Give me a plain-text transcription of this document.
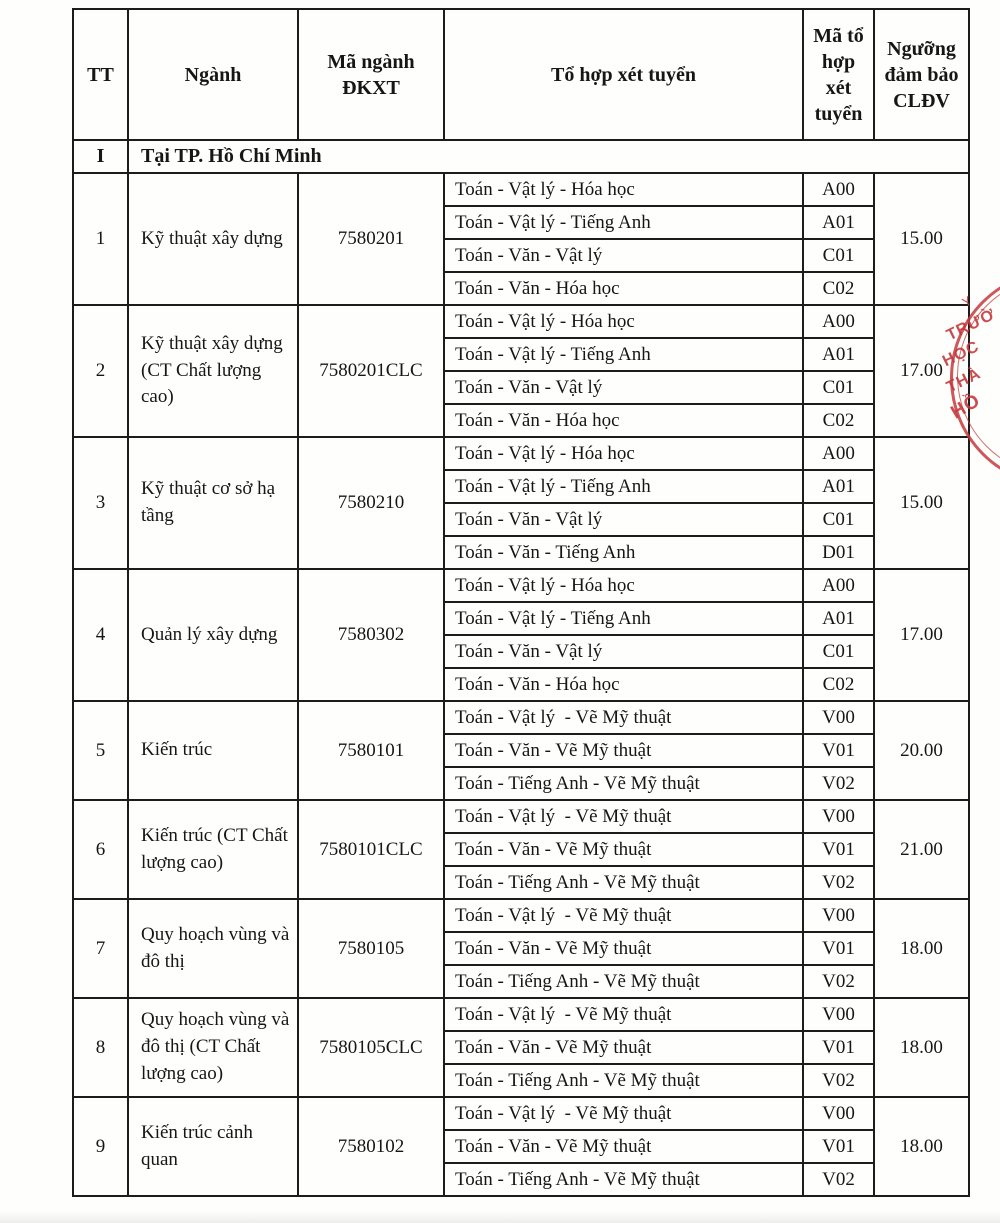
TT	Ngành	Mã ngành ĐKXT	Tổ hợp xét tuyển	Mã tổ hợp xét tuyển	Ngưỡng đảm bảo CLĐV
I	Tại TP. Hồ Chí Minh				
1	Kỹ thuật xây dựng	7580201	Toán - Vật lý - Hóa học	A00	15.00
			Toán - Vật lý - Tiếng Anh	A01	
			Toán - Văn - Vật lý	C01	
			Toán - Văn - Hóa học	C02	
2	Kỹ thuật xây dựng (CT Chất lượng cao)	7580201CLC	Toán - Vật lý - Hóa học	A00	17.00
			Toán - Vật lý - Tiếng Anh	A01	
			Toán - Văn - Vật lý	C01	
			Toán - Văn - Hóa học	C02	
3	Kỹ thuật cơ sở hạ tầng	7580210	Toán - Vật lý - Hóa học	A00	15.00
			Toán - Vật lý - Tiếng Anh	A01	
			Toán - Văn - Vật lý	C01	
			Toán - Văn - Tiếng Anh	D01	
4	Quản lý xây dựng	7580302	Toán - Vật lý - Hóa học	A00	17.00
			Toán - Vật lý - Tiếng Anh	A01	
			Toán - Văn - Vật lý	C01	
			Toán - Văn - Hóa học	C02	
5	Kiến trúc	7580101	Toán - Vật lý  - Vẽ Mỹ thuật	V00	20.00
			Toán - Văn - Vẽ Mỹ thuật	V01	
			Toán - Tiếng Anh - Vẽ Mỹ thuật	V02	
6	Kiến trúc (CT Chất lượng cao)	7580101CLC	Toán - Vật lý  - Vẽ Mỹ thuật	V00	21.00
			Toán - Văn - Vẽ Mỹ thuật	V01	
			Toán - Tiếng Anh - Vẽ Mỹ thuật	V02	
7	Quy hoạch vùng và đô thị	7580105	Toán - Vật lý  - Vẽ Mỹ thuật	V00	18.00
			Toán - Văn - Vẽ Mỹ thuật	V01	
			Toán - Tiếng Anh - Vẽ Mỹ thuật	V02	
8	Quy hoạch vùng và đô thị (CT Chất lượng cao)	7580105CLC	Toán - Vật lý  - Vẽ Mỹ thuật	V00	18.00
			Toán - Văn - Vẽ Mỹ thuật	V01	
			Toán - Tiếng Anh - Vẽ Mỹ thuật	V02	
9	Kiến trúc cảnh quan	7580102	Toán - Vật lý  - Vẽ Mỹ thuật	V00	18.00
			Toán - Văn - Vẽ Mỹ thuật	V01	
			Toán - Tiếng Anh - Vẽ Mỹ thuật	V02	
Y
TRƯỜ
HỌC
THÀ
HỒ
